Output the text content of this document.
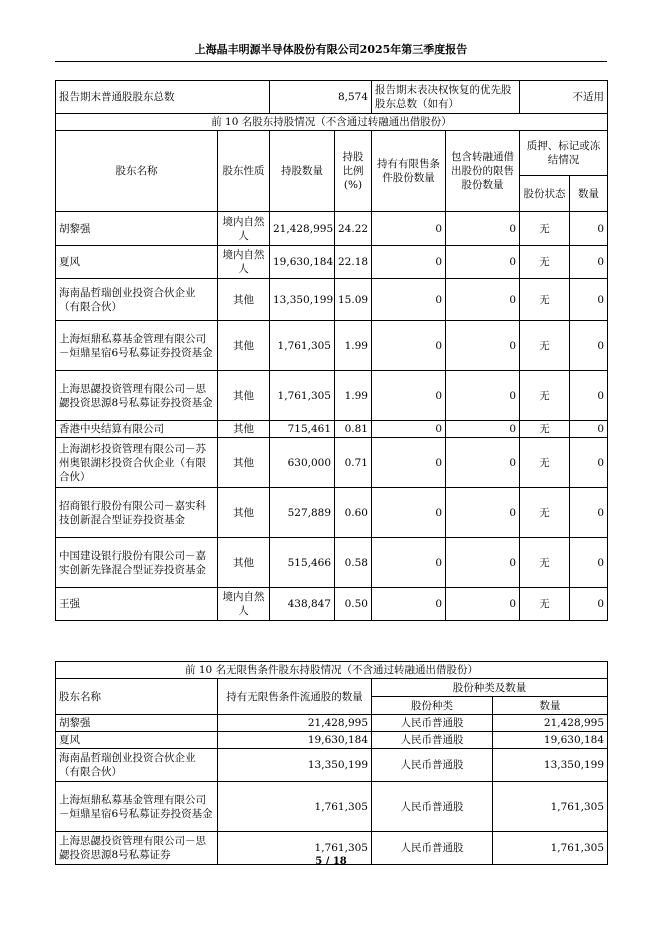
上海晶丰明源半导体股份有限公司2025年第三季度报告
报告期末普通股股东总数		8,574		报告期末表决权恢复的优先股股东总数（如有）		不适用	
前 10 名股东持股情况（不含通过转融通出借股份）							
股东名称	股东性质	持股数量	持股比例(%)	持有有限售条件股份数量	包含转融通借出股份的限售股份数量	质押、标记或冻结情况	
						股份状态	数量
胡黎强	境内自然人	21,428,995	24.22	0	0	无	0
夏风	境内自然人	19,630,184	22.18	0	0	无	0
海南晶哲瑞创业投资合伙企业（有限合伙）	其他	13,350,199	15.09	0	0	无	0
上海烜鼎私募基金管理有限公司－烜鼎星宿6号私募证券投资基金	其他	1,761,305	1.99	0	0	无	0
上海思勰投资管理有限公司－思勰投资思源8号私募证券投资基金	其他	1,761,305	1.99	0	0	无	0
香港中央结算有限公司	其他	715,461	0.81	0	0	无	0
上海湖杉投资管理有限公司－苏州奥银湖杉投资合伙企业（有限合伙）	其他	630,000	0.71	0	0	无	0
招商银行股份有限公司－嘉实科技创新混合型证券投资基金	其他	527,889	0.60	0	0	无	0
中国建设银行股份有限公司－嘉实创新先锋混合型证券投资基金	其他	515,466	0.58	0	0	无	0
王强	境内自然人	438,847	0.50	0	0	无	0
前 10 名无限售条件股东持股情况（不含通过转融通出借股份）			
股东名称	持有无限售条件流通股的数量	股份种类及数量	
		股份种类	数量
胡黎强	21,428,995	人民币普通股	21,428,995
夏风	19,630,184	人民币普通股	19,630,184
海南晶哲瑞创业投资合伙企业（有限合伙）	13,350,199	人民币普通股	13,350,199
上海烜鼎私募基金管理有限公司－烜鼎星宿6号私募证券投资基金	1,761,305	人民币普通股	1,761,305
上海思勰投资管理有限公司－思勰投资思源8号私募证券	1,761,305	人民币普通股	1,761,305
5 / 18
